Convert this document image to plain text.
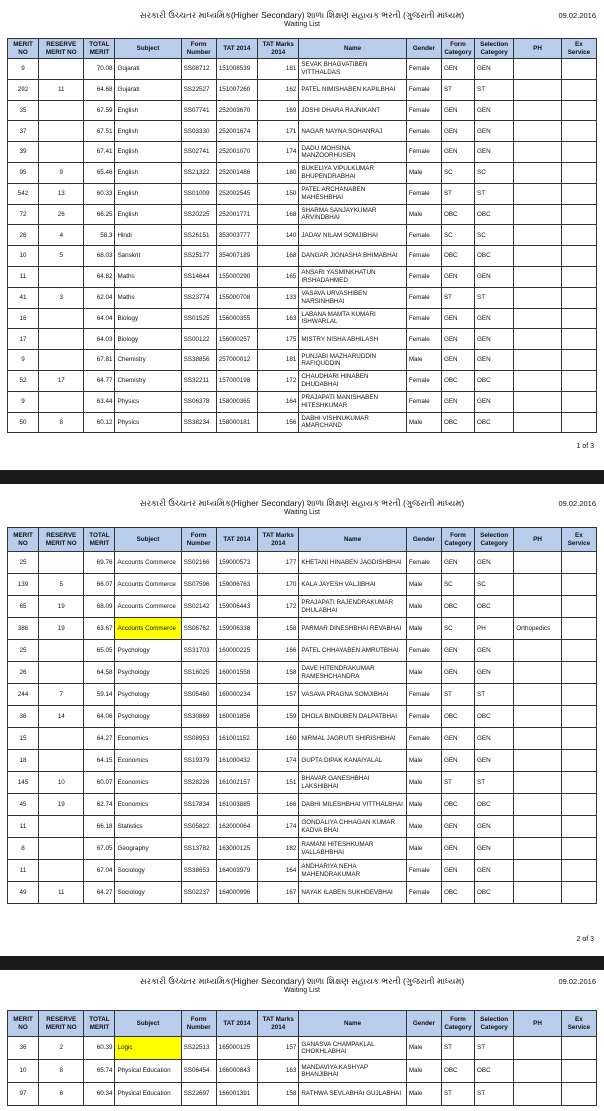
સરકારી ઉચ્ચતર માધ્યમિક(Higher Secondary) શાળા શિક્ષણ સહાયક ભરતી (ગુજરાતી માધ્યમ)
Waiting List
09.02.2016
MERIT NO	RESERVE MERIT NO	TOTAL MERIT	Subject	Form Number	TAT 2014	TAT Marks 2014	Name	Gender	Form Category	Selection Category	PH	Ex Service
9		70.08	Gujarati	SS08712	151008539	181	SEVAK BHAGVATIBEN VITTHALDAS	Female	GEN	GEN		
292	11	64.68	Gujarati	SS22527	151007260	162	PATEL NIMISHABEN KAPILBHAI	Female	ST	ST		
35		67.59	English	SS07741	252003670	169	JOSHI DHARA RAJNIKANT	Female	GEN	GEN		
37		67.51	English	SS03330	252001674	171	NAGAR NAYNA SOHANRAJ	Female	GEN	GEN		
39		67.41	English	SS02741	252001070	174	DADU MOHSINA MANZOORHUSEN	Female	GEN	GEN		
95	9	65.46	English	SS21322	252001486	180	BUKELIYA VIPULKUMAR BHUPENDRABHAI	Male	SC	SC		
542	13	60.33	English	SS01009	252002545	150	PATEL ARCHANABEN MAHESHBHAI	Female	ST	ST		
72	26	66.25	English	SS20225	252001771	168	SHARMA SANJAYKUMAR ARVINDBHAI	Male	OBC	OBC		
26	4	58.3	Hindi	SS26151	353003777	140	JADAV NILAM SOMJIBHAI	Female	SC	SC		
10	5	68.03	Sanskrit	SS25177	354007189	168	DANGAR JIGNASHA BHIMABHAI	Female	OBC	OBC		
11		64.82	Maths	SS14644	155000290	165	ANSARI YASMINKHATUN IRSHADAHMED	Female	GEN	GEN		
41	3	62.04	Maths	SS23774	155000708	133	VASAVA URVASHIBEN NARSINHBHAI	Female	ST	ST		
16		64.04	Biology	SS01525	156000355	163	LABANA MAMTA KUMARI ISHWARLAL	Female	GEN	GEN		
17		64.03	Biology	SS00122	156000257	175	MISTRY NISHA ABHILASH	Female	GEN	GEN		
9		67.81	Chemistry	SS38856	257000012	181	PUNJABI MAZHARUDDIN RAFIQUDDIN	Male	GEN	GEN		
52	17	64.77	Chemistry	SS32211	157000198	172	CHAUDHARI HINABEN DHUDABHAI	Female	OBC	OBC		
9		63.44	Physics	SS06378	158000365	164	PRAJAPATI MANISHABEN HITESHKUMAR	Female	GEN	GEN		
50	8	60.12	Physics	SS38234	158000181	156	DABHI VISHNUKUMAR AMARCHAND	Male	OBC	OBC		
1 of 3
સરકારી ઉચ્ચતર માધ્યમિક(Higher Secondary) શાળા શિક્ષણ સહાયક ભરતી (ગુજરાતી માધ્યમ)
Waiting List
09.02.2016
MERIT NO	RESERVE MERIT NO	TOTAL MERIT	Subject	Form Number	TAT 2014	TAT Marks 2014	Name	Gender	Form Category	Selection Category	PH	Ex Service
25		69.76	Accounts Commerce	SS02166	159000573	177	KHETANI HINABEN JAGDISHBHAI	Female	GEN	GEN		
139	5	66.07	Accounts Commerce	SS07596	159006763	170	KALA JAYESH VALJIBHAI	Male	SC	SC		
65	19	68.09	Accounts Commerce	SS02142	159006443	172	PRAJAPATI RAJENDRAKUMAR DHULABHAI	Male	OBC	OBC		
386	19	63.67	Accounts Commerce	SS06762	159006338	158	PARMAR DINESHBHAI REVABHAI	Male	SC	PH	Orthopedics	
25		65.05	Psychology	SS31703	160000225	166	PATEL CHHAYABEN AMRUTBHAI	Female	GEN	GEN		
26		64.58	Psychology	SS16025	160001558	158	DAVE HITENDRAKUMAR RAMESHCHANDRA	Male	GEN	GEN		
244	7	59.14	Psychology	SS05460	160000234	157	VASAVA PRAGNA SOMJIBHAI	Female	ST	ST		
36	14	64.06	Psychology	SS30869	160001856	159	DHOLA BINDUBEN DALPATBHAI	Female	OBC	OBC		
15		64.27	Economics	SS08953	161001152	160	NIRMAL JAGRUTI SHIRISHBHAI	Female	GEN	GEN		
18		64.15	Economics	SS19379	161000432	174	GUPTA DIPAK KANAIYALAL	Male	GEN	GEN		
145	10	60.07	Economics	SS28226	161002157	151	BHAVAR GANESHBHAI LAKSHIBHAI	Male	ST	ST		
45	19	62.74	Economics	SS17834	161003885	166	DABHI MILESHBHAI VITTHALBHAI	Male	OBC	OBC		
11		66.18	Statistics	SS05822	162000064	174	GONDALIYA CHHAGAN KUMAR KADVA BHAI	Male	GEN	GEN		
8		67.05	Geography	SS13782	163000125	182	RAMANI HITESHKUMAR VALLABHBHAI	Male	GEN	GEN		
11		67.04	Sociology	SS38653	164003979	164	ANDHARIYA NEHA MAHENDRAKUMAR	Female	GEN	GEN		
49	11	64.27	Sociology	SS02237	164000996	167	NAYAK ILABEN SUKHDEVBHAI	Female	OBC	OBC		
2 of 3
સરકારી ઉચ્ચતર માધ્યમિક(Higher Secondary) શાળા શિક્ષણ સહાયક ભરતી (ગુજરાતી માધ્યમ)
Waiting List
09.02.2016
MERIT NO	RESERVE MERIT NO	TOTAL MERIT	Subject	Form Number	TAT 2014	TAT Marks 2014	Name	Gender	Form Category	Selection Category	PH	Ex Service
36	2	60.39	Logic	SS22513	165000125	157	GANASVA CHAMPAKLAL CHOKHLABHAI	Male	ST	ST		
10	8	65.74	Physical Education	SS06454	166000843	163	MANDAVIYA KASHYAP BHANJIBHAI	Male	OBC	OBC		
97	6	60.34	Physical Education	SS22697	166001391	158	RATHWA SEVLABHAI GUJLABHAI	Male	ST	ST		
